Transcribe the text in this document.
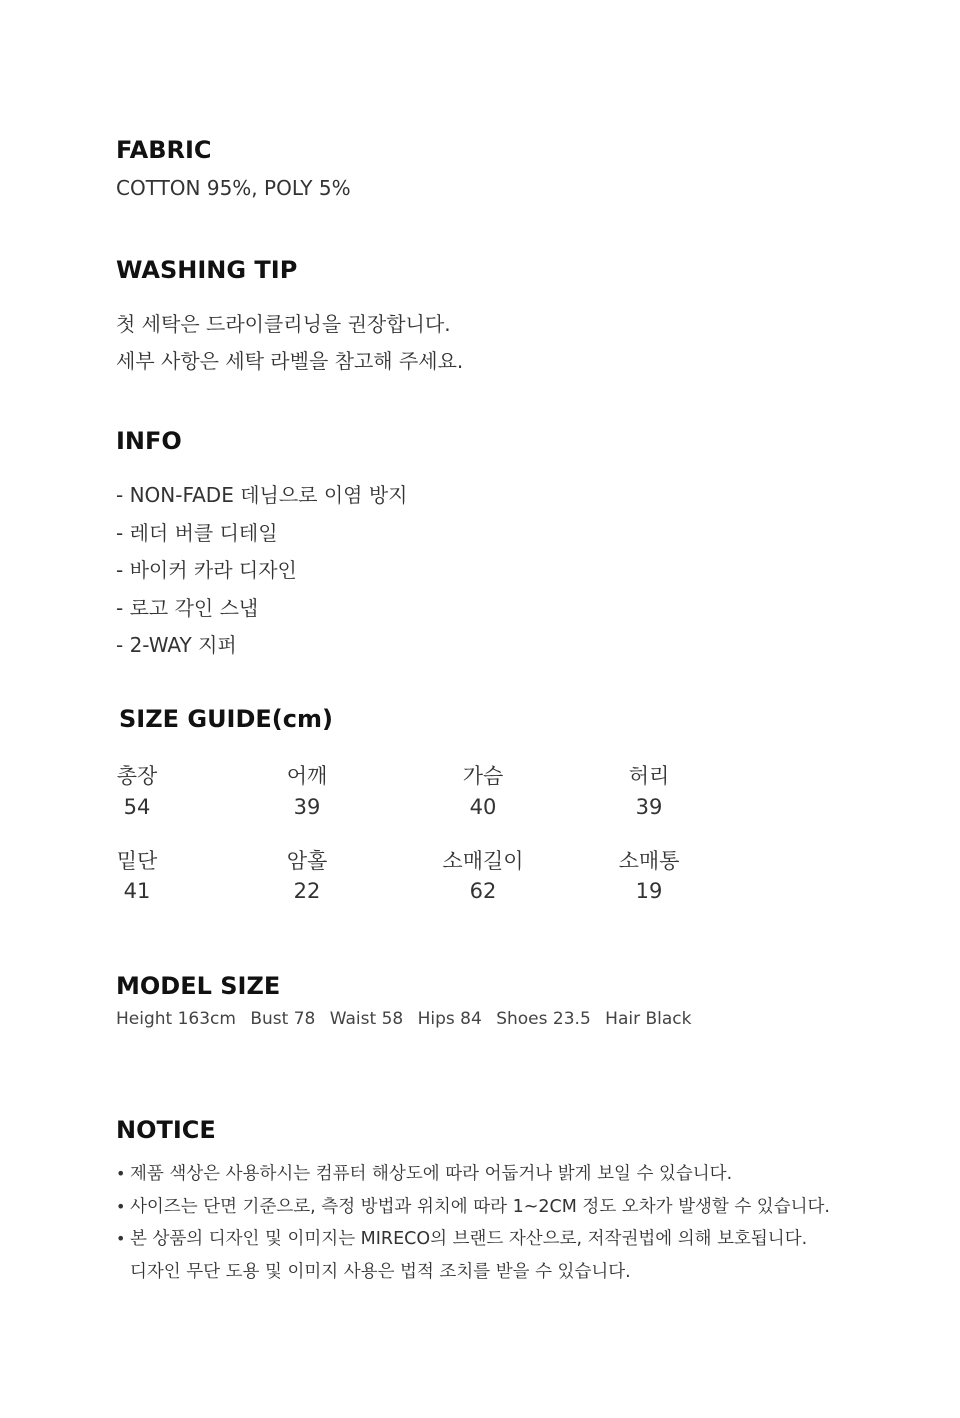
FABRIC

COTTON 95%, POLY 5%

WASHING TIP

첫 세탁은 드라이클리닝을 권장합니다.

세부 사항은 세탁 라벨을 참고해 주세요.

INFO

- NON-FADE 데님으로 이염 방지

- 레더 버클 디테일

- 바이커 카라 디자인

- 로고 각인 스냅

- 2-WAY 지퍼

SIZE GUIDE(cm)
총장
54
어깨
39
가슴
40
허리
39
밑단
41
암홀
22
소매길이
62
소매통
19
MODEL SIZE
Height 163cm Bust 78 Waist 58 Hips 84 Shoes 23.5 Hair Black
NOTICE
• 제품 색상은 사용하시는 컴퓨터 해상도에 따라 어둡거나 밝게 보일 수 있습니다.
• 사이즈는 단면 기준으로, 측정 방법과 위치에 따라 1~2CM 정도 오차가 발생할 수 있습니다.
• 본 상품의 디자인 및 이미지는 MIRECO의 브랜드 자산으로, 저작권법에 의해 보호됩니다.
디자인 무단 도용 및 이미지 사용은 법적 조치를 받을 수 있습니다.
